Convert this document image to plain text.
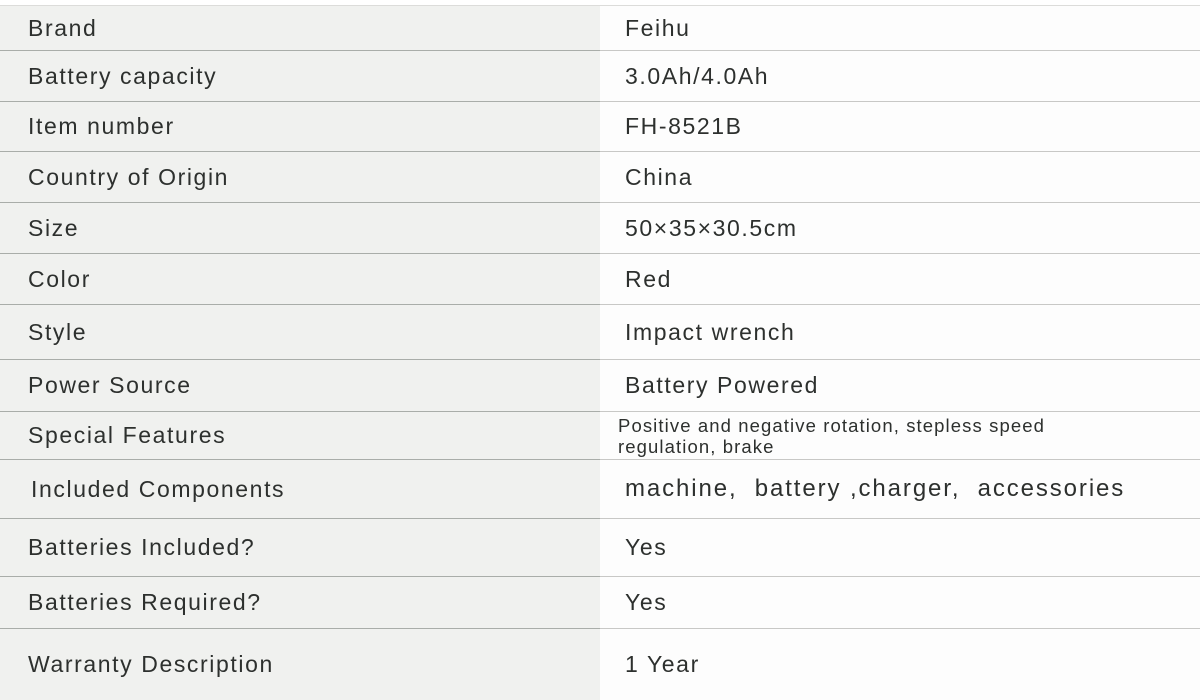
Brand	Feihu
Battery capacity	3.0Ah/4.0Ah
Item number	FH-8521B
Country of Origin	China
Size	50×35×30.5cm
Color	Red
Style	Impact wrench
Power Source	Battery Powered
Special Features	Positive and negative rotation, stepless speed regulation, brake
Included Components	machine,  battery ,charger,  accessories
Batteries Included?	Yes
Batteries Required?	Yes
Warranty Description	1 Year
